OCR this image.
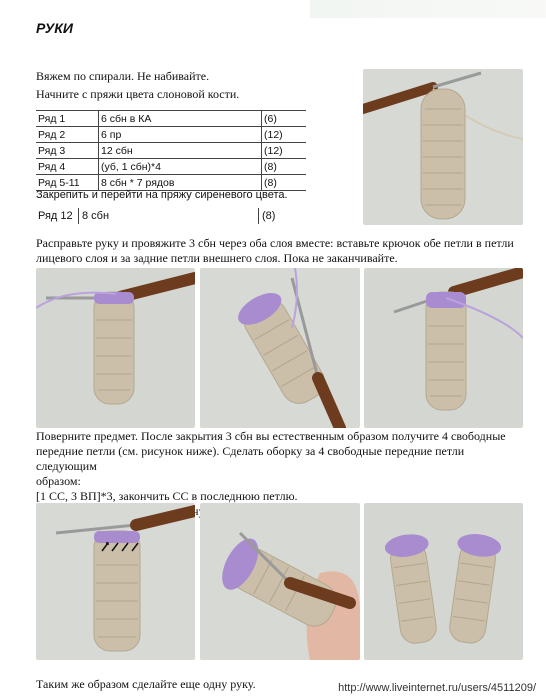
РУКИ
Вяжем по спирали. Не набивайте.
Начните с пряжи цвета слоновой кости.
Ряд 1	6 сбн в КА	(6)
Ряд 2	6 пр	(12)
Ряд 3	12 сбн	(12)
Ряд 4	(уб, 1 сбн)*4	(8)
Ряд 5-11	8 сбн * 7 рядов	(8)
Закрепить и перейти на пряжу сиреневого цвета.
Ряд 12 8 сбн	(8)
Расправьте руку и провяжите 3 сбн через оба слоя вместе: вставьте крючок обе петли в петли лицевого слоя и за задние петли внешнего слоя. Пока не заканчивайте.
Поверните предмет. После закрытия 3 сбн вы естественным образом получите 4 свободные
передние петли (см. рисунок ниже). Сделать оборку за 4 свободные передние петли следующим
образом:
[1 СС, 3 ВП]*3, закончить СС в последнюю петлю.
Таким же образом сделайте еще одну руку.	http://www.liveinternet.ru/users/4511209/
